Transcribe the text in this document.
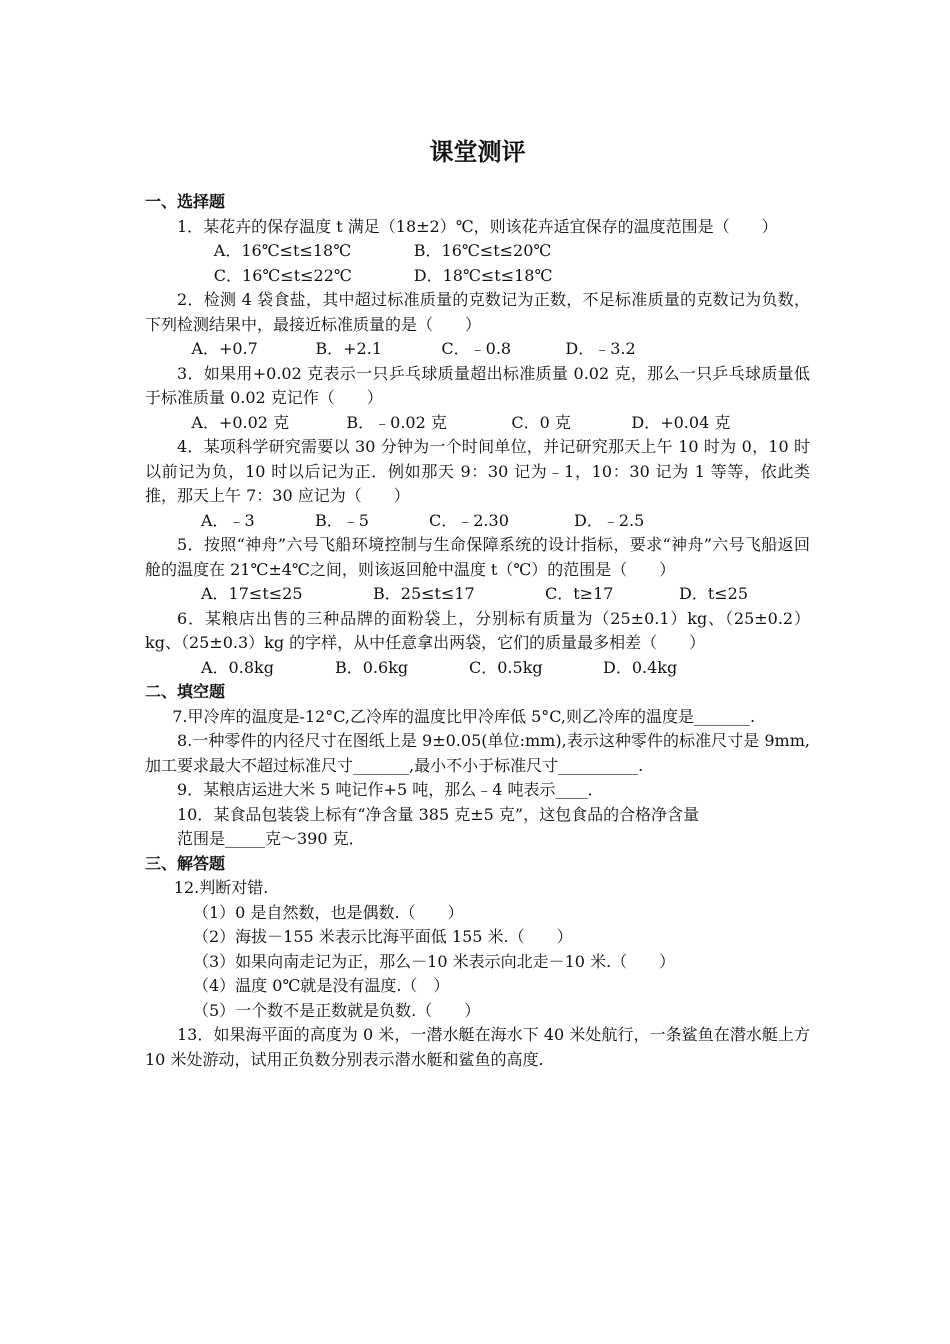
课堂测评
一、选择题
1．某花卉的保存温度 t 满足（18±2）℃，则该花卉适宜保存的温度范围是（　　）
A．16℃≤t≤18℃	B．16℃≤t≤20℃
C．16℃≤t≤22℃	D．18℃≤t≤18℃
2．检测 4 袋食盐，其中超过标准质量的克数记为正数，不足标准质量的克数记为负数，下列检测结果中，最接近标准质量的是（　　）
A．+0.7	B．+2.1	C．﹣0.8	D．﹣3.2
3．如果用+0.02 克表示一只乒乓球质量超出标准质量 0.02 克，那么一只乒乓球质量低于标准质量 0.02 克记作（　　）
A．+0.02 克	B．﹣0.02 克	C．0 克	D．+0.04 克
4．某项科学研究需要以 30 分钟为一个时间单位，并记研究那天上午 10 时为 0，10 时以前记为负，10 时以后记为正．例如那天 9：30 记为﹣1，10：30 记为 1 等等，依此类推，那天上午 7：30 应记为（　　）
A．﹣3	B．﹣5	C．﹣2.30	D．﹣2.5
5．按照“神舟”六号飞船环境控制与生命保障系统的设计指标，要求“神舟”六号飞船返回舱的温度在 21℃±4℃之间，则该返回舱中温度 t（℃）的范围是（　　）
A．17≤t≤25	B．25≤t≤17	C．t≥17	D．t≤25
6．某粮店出售的三种品牌的面粉袋上，分别标有质量为（25±0.1）kg、（25±0.2）kg、（25±0.3）kg 的字样，从中任意拿出两袋，它们的质量最多相差（　　）
A．0.8kg	B．0.6kg	C．0.5kg	D．0.4kg
二、填空题
7.甲冷库的温度是-12°C,乙冷库的温度比甲冷库低 5°C,则乙冷库的温度是_______.
8.一种零件的内径尺寸在图纸上是 9±0.05(单位:mm),表示这种零件的标准尺寸是 9mm,加工要求最大不超过标准尺寸_______,最小不小于标准尺寸__________.
9．某粮店运进大米 5 吨记作+5 吨，那么﹣4 吨表示____．
10．某食品包装袋上标有“净含量 385 克±5 克”，这包食品的合格净含量
范围是_____克～390 克．
三、解答题
12.判断对错.
（1）0 是自然数，也是偶数.（　　）
（2）海拔－155 米表示比海平面低 155 米.（　　）
（3）如果向南走记为正，那么－10 米表示向北走－10 米.（　　）
（4）温度 0℃就是没有温度.（　）
（5）一个数不是正数就是负数.（　　）
13．如果海平面的高度为 0 米，一潜水艇在海水下 40 米处航行，一条鲨鱼在潜水艇上方 10 米处游动，试用正负数分别表示潜水艇和鲨鱼的高度.
